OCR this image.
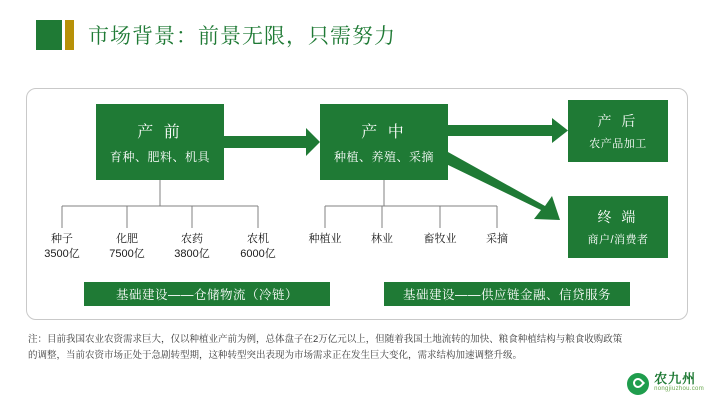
市场背景：前景无限，只需努力
产 前
育种、肥料、机具
产 中
种植、养殖、采摘
产 后
农产品加工
终 端
商户/消费者
种子
3500亿
化肥
7500亿
农药
3800亿
农机
6000亿
种植业	林业	畜牧业	采摘
基础建设——仓储物流（冷链）	基础建设——供应链金融、信贷服务
注：目前我国农业农资需求巨大，仅以种植业产前为例，总体盘子在2万亿元以上，但随着我国土地流转的加快、粮食种植结构与粮食收购政策的调整，当前农资市场正处于急剧转型期，这种转型突出表现为市场需求正在发生巨大变化，需求结构加速调整升级。
农九州
nongjiuzhou.com
